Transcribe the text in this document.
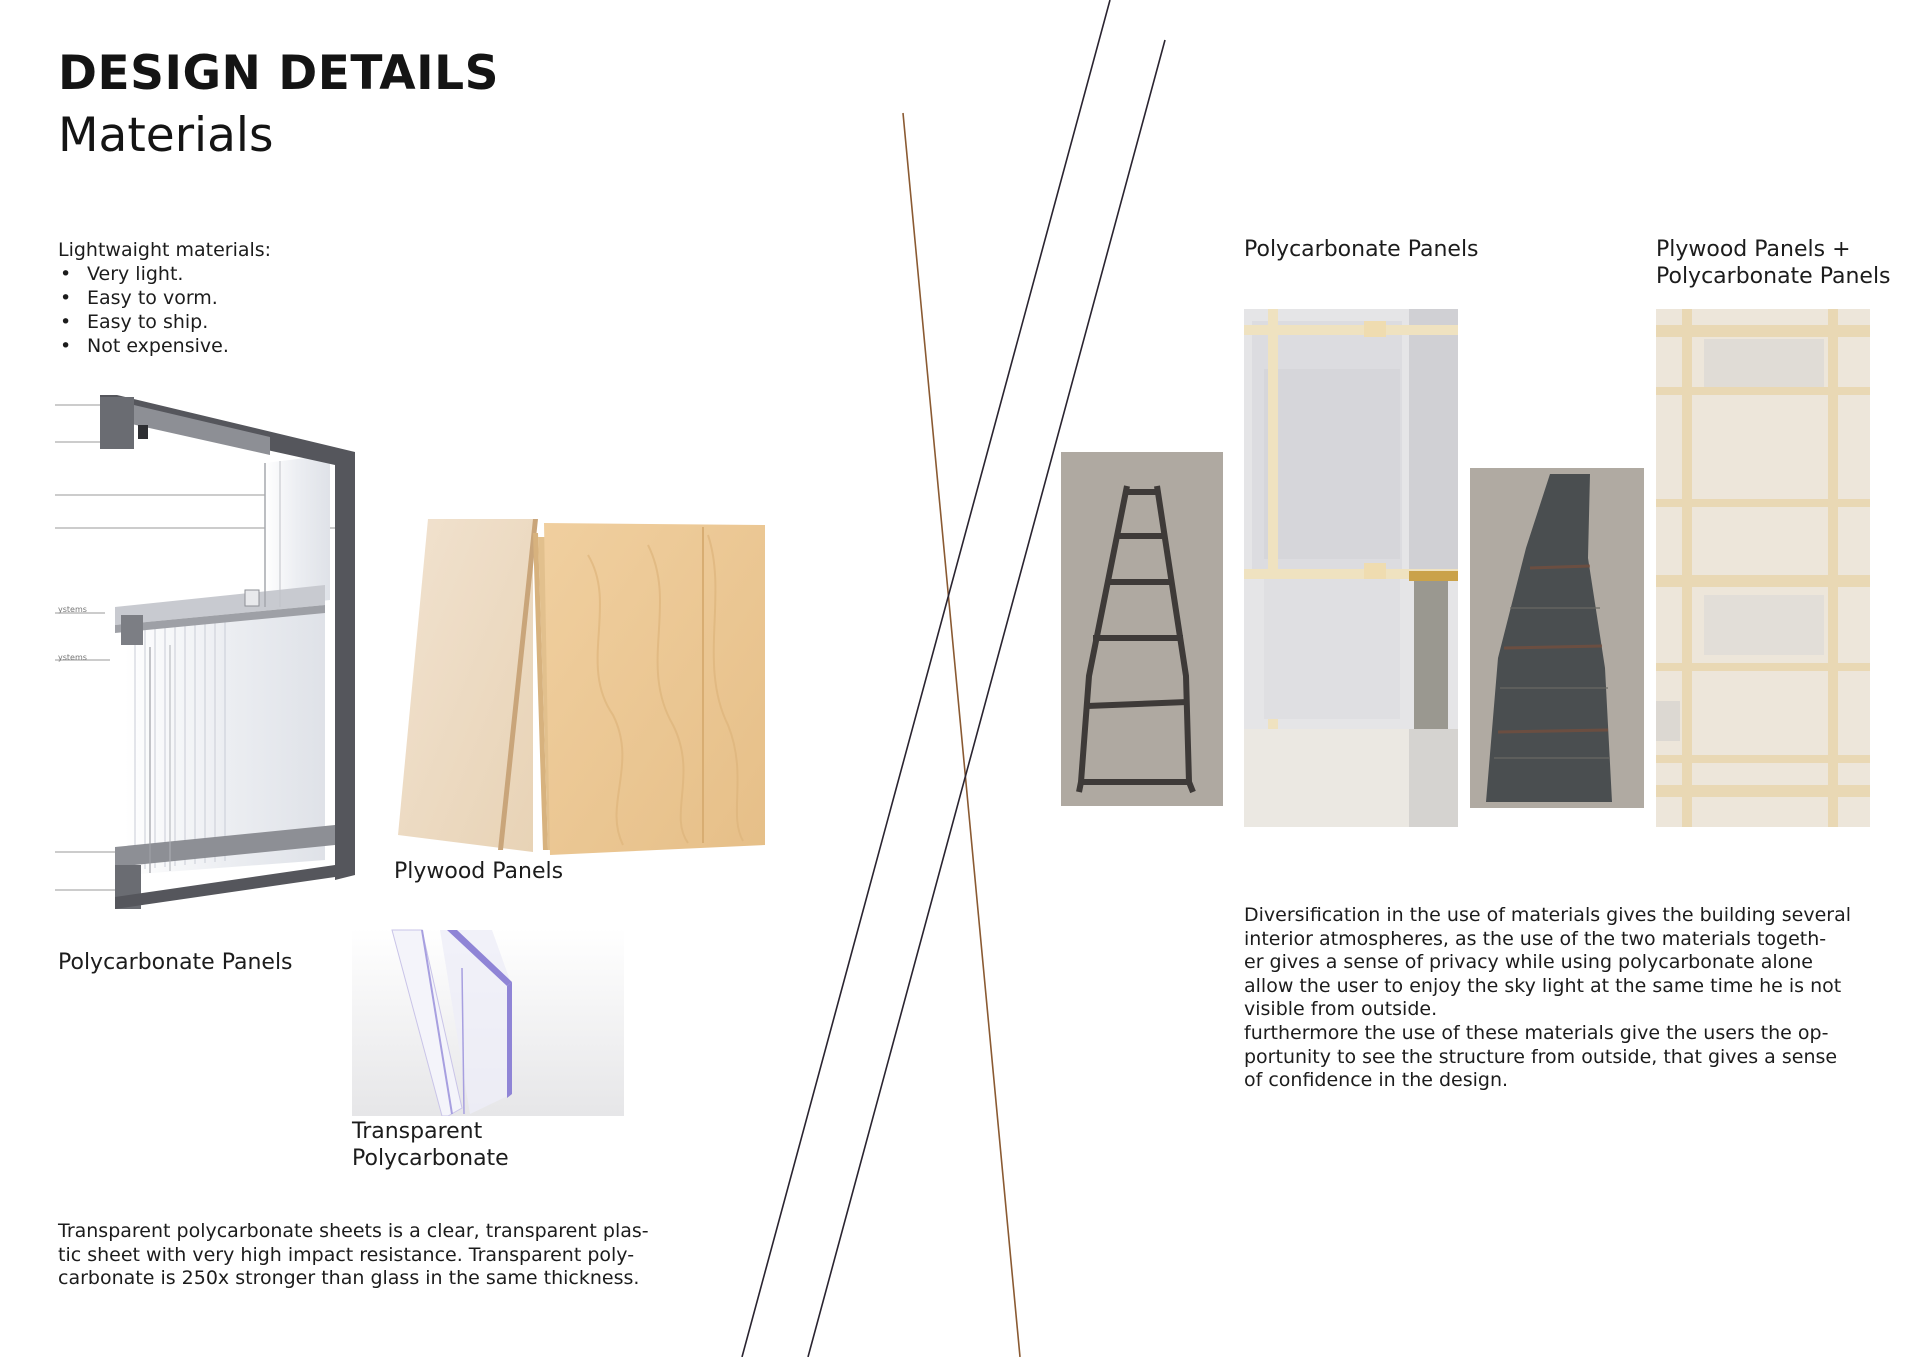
DESIGN DETAILS
Materials
Lightwaight materials:
• Very light.
• Easy to vorm.
• Easy to ship.
• Not expensive.
ystems
ystems
Polycarbonate Panels
Plywood Panels
Transparent
Polycarbonate
Transparent polycarbonate sheets is a clear, transparent plas-
tic sheet with very high impact resistance. Transparent poly-
carbonate is 250x stronger than glass in the same thickness.
Polycarbonate Panels	Plywood Panels +
Polycarbonate Panels
Diversification in the use of materials gives the building several
interior atmospheres, as the use of the two materials togeth-
er gives a sense of privacy while using polycarbonate alone
allow the user to enjoy the sky light at the same time he is not
visible from outside.
furthermore the use of these materials give the users the op-
portunity to see the structure from outside, that gives a sense
of confidence in the design.
